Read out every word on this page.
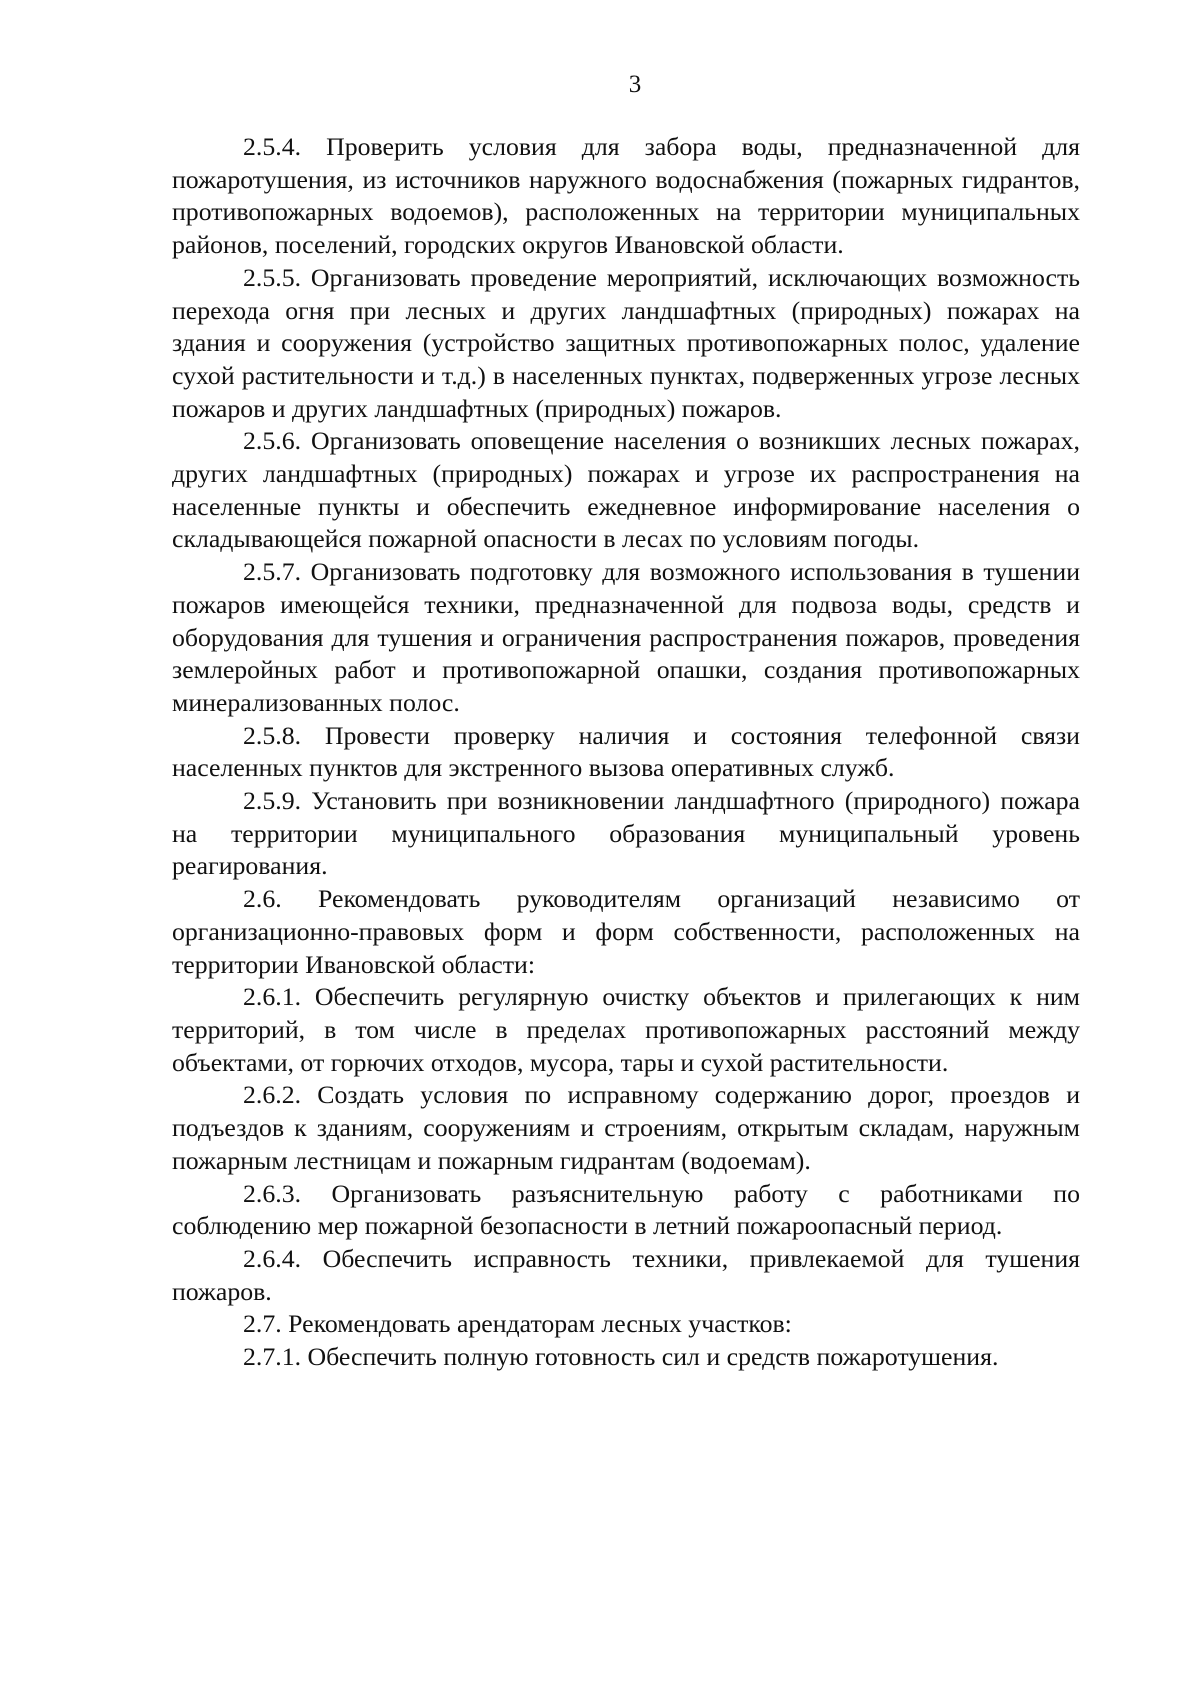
3

2.5.4. Проверить условия для забора воды, предназначенной для пожаротушения, из источников наружного водоснабжения (пожарных гидрантов, противопожарных водоемов), расположенных на территории муниципальных районов, поселений, городских округов Ивановской области.

2.5.5. Организовать проведение мероприятий, исключающих возможность перехода огня при лесных и других ландшафтных (природных) пожарах на здания и сооружения (устройство защитных противопожарных полос, удаление сухой растительности и т.д.) в населенных пунктах, подверженных угрозе лесных пожаров и других ландшафтных (природных) пожаров.

2.5.6. Организовать оповещение населения о возникших лесных пожарах, других ландшафтных (природных) пожарах и угрозе их распространения на населенные пункты и обеспечить ежедневное информирование населения о складывающейся пожарной опасности в лесах по условиям погоды.

2.5.7. Организовать подготовку для возможного использования в тушении пожаров имеющейся техники, предназначенной для подвоза воды, средств и оборудования для тушения и ограничения распространения пожаров, проведения землеройных работ и противопожарной опашки, создания противопожарных минерализованных полос.

2.5.8. Провести проверку наличия и состояния телефонной связи населенных пунктов для экстренного вызова оперативных служб.

2.5.9. Установить при возникновении ландшафтного (природного) пожара на территории муниципального образования муниципальный уровень реагирования.

2.6. Рекомендовать руководителям организаций независимо от организационно-правовых форм и форм собственности, расположенных на территории Ивановской области:

2.6.1. Обеспечить регулярную очистку объектов и прилегающих к ним территорий, в том числе в пределах противопожарных расстояний между объектами, от горючих отходов, мусора, тары и сухой растительности.

2.6.2. Создать условия по исправному содержанию дорог, проездов и подъездов к зданиям, сооружениям и строениям, открытым складам, наружным пожарным лестницам и пожарным гидрантам (водоемам).

2.6.3. Организовать разъяснительную работу с работниками по соблюдению мер пожарной безопасности в летний пожароопасный период.

2.6.4. Обеспечить исправность техники, привлекаемой для тушения пожаров.

2.7. Рекомендовать арендаторам лесных участков:

2.7.1. Обеспечить полную готовность сил и средств пожаротушения.
